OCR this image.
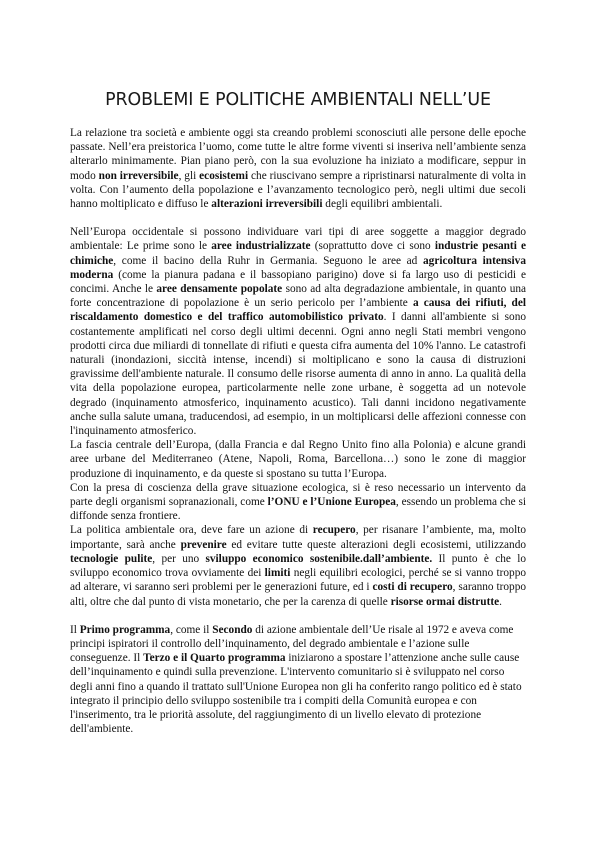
PROBLEMI E POLITICHE AMBIENTALI NELL’UE

La relazione tra società e ambiente oggi sta creando problemi sconosciuti alle persone delle epoche passate. Nell’era preistorica l’uomo, come tutte le altre forme viventi si inseriva nell’ambiente senza alterarlo minimamente. Pian piano però, con la sua evoluzione ha iniziato a modificare, seppur in modo non irreversibile, gli ecosistemi che riuscivano sempre a ripristinarsi naturalmente di volta in volta. Con l’aumento della popolazione e l’avanzamento tecnologico però, negli ultimi due secoli hanno moltiplicato e diffuso le alterazioni irreversibili degli equilibri ambientali.

Nell’Europa occidentale si possono individuare vari tipi di aree soggette a maggior degrado ambientale: Le prime sono le aree industrializzate (soprattutto dove ci sono industrie pesanti e chimiche, come il bacino della Ruhr in Germania. Seguono le aree ad agricoltura intensiva moderna (come la pianura padana e il bassopiano parigino) dove si fa largo uso di pesticidi e concimi. Anche le aree densamente popolate sono ad alta degradazione ambientale, in quanto una forte concentrazione di popolazione è un serio pericolo per l’ambiente a causa dei rifiuti, del riscaldamento domestico e del traffico automobilistico privato. I danni all'ambiente si sono costantemente amplificati nel corso degli ultimi decenni. Ogni anno negli Stati membri vengono prodotti circa due miliardi di tonnellate di rifiuti e questa cifra aumenta del 10% l'anno. Le catastrofi naturali (inondazioni, siccità intense, incendi) si moltiplicano e sono la causa di distruzioni gravissime dell'ambiente naturale. Il consumo delle risorse aumenta di anno in anno. La qualità della vita della popolazione europea, particolarmente nelle zone urbane, è soggetta ad un notevole degrado (inquinamento atmosferico, inquinamento acustico). Tali danni incidono negativamente anche sulla salute umana, traducendosi, ad esempio, in un moltiplicarsi delle affezioni connesse con l'inquinamento atmosferico.

La fascia centrale dell’Europa, (dalla Francia e dal Regno Unito fino alla Polonia) e alcune grandi aree urbane del Mediterraneo (Atene, Napoli, Roma, Barcellona…) sono le zone di maggior produzione di inquinamento, e da queste si spostano su tutta l’Europa.

Con la presa di coscienza della grave situazione ecologica, si è reso necessario un intervento da parte degli organismi sopranazionali, come l’ONU e l’Unione Europea, essendo un problema che si diffonde senza frontiere.

La politica ambientale ora, deve fare un azione di recupero, per risanare l’ambiente, ma, molto importante, sarà anche prevenire ed evitare tutte queste alterazioni degli ecosistemi, utilizzando tecnologie pulite, per uno sviluppo economico sostenibile.dall’ambiente. Il punto è che lo sviluppo economico trova ovviamente dei limiti negli equilibri ecologici, perché se si vanno troppo ad alterare, vi saranno seri problemi per le generazioni future, ed i costi di recupero, saranno troppo alti, oltre che dal punto di vista monetario, che per la carenza di quelle risorse ormai distrutte.

Il Primo programma, come il Secondo di azione ambientale dell’Ue risale al 1972 e aveva come principi ispiratori il controllo dell’inquinamento, del degrado ambientale e l’azione sulle conseguenze. Il Terzo e il Quarto programma iniziarono a spostare l’attenzione anche sulle cause dell’inquinamento e quindi sulla prevenzione. L'intervento comunitario si è sviluppato nel corso degli anni fino a quando il trattato sull'Unione Europea non gli ha conferito rango politico ed è stato integrato il principio dello sviluppo sostenibile tra i compiti della Comunità europea e con l'inserimento, tra le priorità assolute, del raggiungimento di un livello elevato di protezione dell'ambiente.
